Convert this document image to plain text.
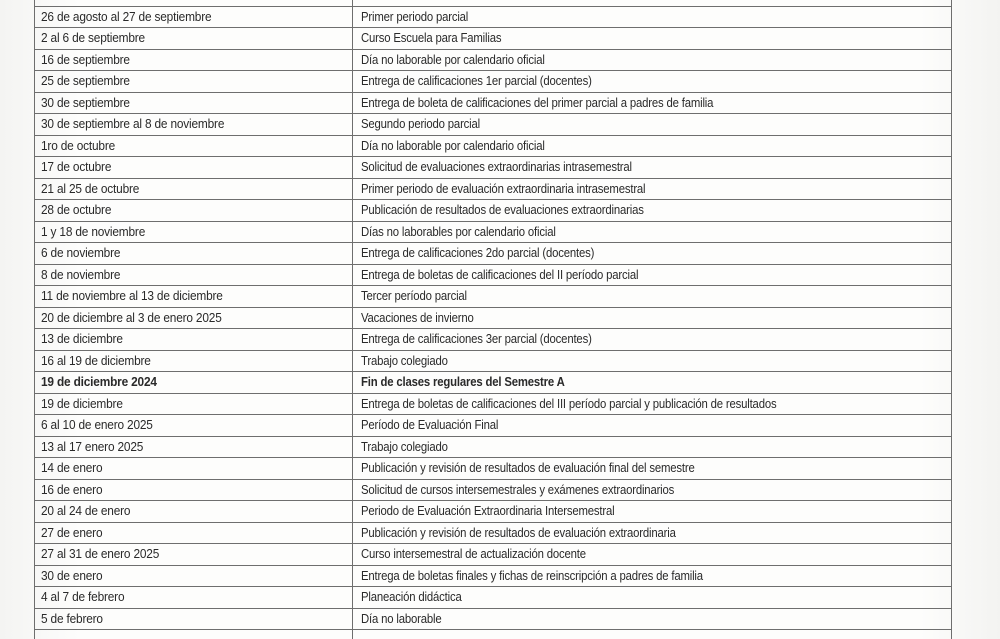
26 de agosto al 27 de septiembre	Primer periodo parcial
2 al 6 de septiembre	Curso Escuela para Familias
16 de septiembre	Día no laborable por calendario oficial
25 de septiembre	Entrega de calificaciones 1er parcial (docentes)
30 de septiembre	Entrega de boleta de calificaciones del primer parcial a padres de familia
30 de septiembre al 8 de noviembre	Segundo periodo parcial
1ro de octubre	Día no laborable por calendario oficial
17 de octubre	Solicitud de evaluaciones extraordinarias intrasemestral
21 al 25 de octubre	Primer periodo de evaluación extraordinaria intrasemestral
28 de octubre	Publicación de resultados de evaluaciones extraordinarias
1 y 18 de noviembre	Días no laborables por calendario oficial
6 de noviembre	Entrega de calificaciones 2do parcial (docentes)
8 de noviembre	Entrega de boletas de calificaciones del II período parcial
11 de noviembre al 13 de diciembre	Tercer período parcial
20 de diciembre al 3 de enero 2025	Vacaciones de invierno
13 de diciembre	Entrega de calificaciones 3er parcial (docentes)
16 al 19 de diciembre	Trabajo colegiado
19 de diciembre 2024	Fin de clases regulares del Semestre A
19 de diciembre	Entrega de boletas de calificaciones del III período parcial y publicación de resultados
6 al 10 de enero 2025	Período de Evaluación Final
13 al 17 enero 2025	Trabajo colegiado
14 de enero	Publicación y revisión de resultados de evaluación final del semestre
16 de enero	Solicitud de cursos intersemestrales y exámenes extraordinarios
20 al 24 de enero	Periodo de Evaluación Extraordinaria Intersemestral
27 de enero	Publicación y revisión de resultados de evaluación extraordinaria
27 al 31 de enero 2025	Curso intersemestral de actualización docente
30 de enero	Entrega de boletas finales y fichas de reinscripción a padres de familia
4 al 7 de febrero	Planeación didáctica
5 de febrero	Día no laborable
